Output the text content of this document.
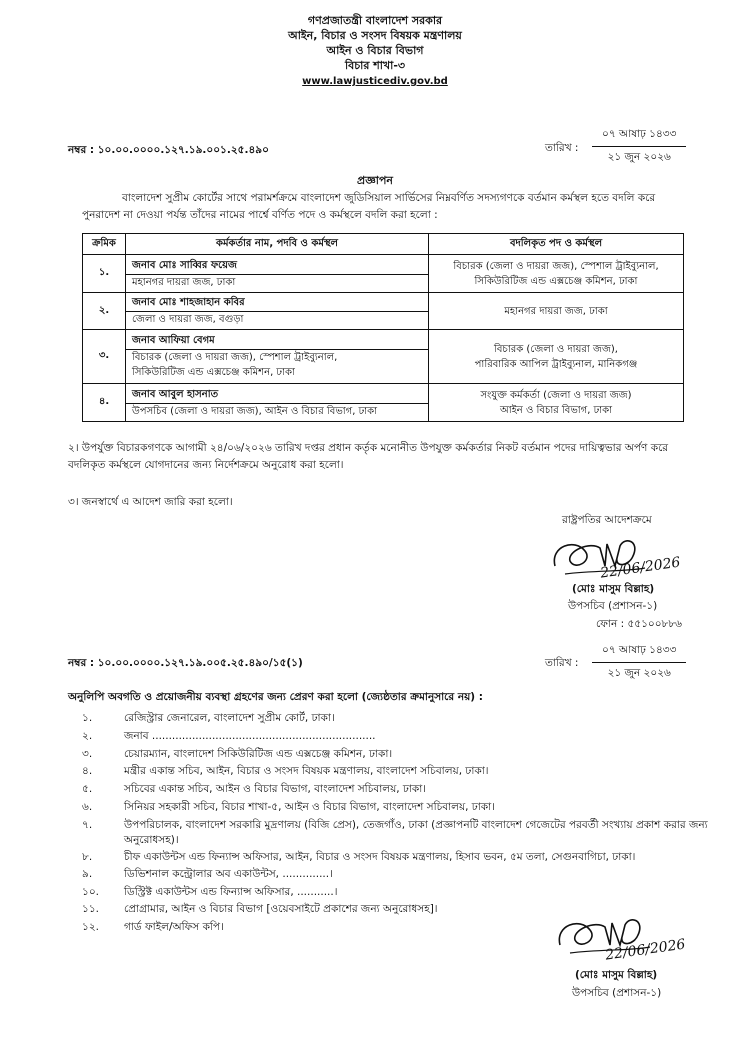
গণপ্রজাতন্ত্রী বাংলাদেশ সরকার
আইন, বিচার ও সংসদ বিষয়ক মন্ত্রণালয়
আইন ও বিচার বিভাগ
বিচার শাখা-৩
www.lawjusticediv.gov.bd
নম্বর : ১০.০০.০০০০.১২৭.১৯.০০১.২৫.৪৯০	তারিখ :
০৭ আষাঢ় ১৪৩৩
২১ জুন ২০২৬
প্রজ্ঞাপন
বাংলাদেশ সুপ্রীম কোর্টের সাথে পরামর্শক্রমে বাংলাদেশ জুডিসিয়াল সার্ভিসের নিম্নবর্ণিত সদস্যগণকে বর্তমান কর্মস্থল হতে বদলি করে পুনরাদেশ না দেওয়া পর্যন্ত তাঁদের নামের পার্শ্বে বর্ণিত পদে ও কর্মস্থলে বদলি করা হলো :
ক্রমিক	কর্মকর্তার নাম, পদবি ও কর্মস্থল	বদলিকৃত পদ ও কর্মস্থল
১.	জনাব মোঃ সাব্বির ফয়েজ
মহানগর দায়রা জজ, ঢাকা	বিচারক (জেলা ও দায়রা জজ), স্পেশাল ট্রাইব্যুনাল,
সিকিউরিটিজ এন্ড এক্সচেঞ্জ কমিশন, ঢাকা
২.	জনাব মোঃ শাহজাহান কবির
জেলা ও দায়রা জজ, বগুড়া	মহানগর দায়রা জজ, ঢাকা
৩.	জনাব আফিয়া বেগম
বিচারক (জেলা ও দায়রা জজ), স্পেশাল ট্রাইব্যুনাল,
সিকিউরিটিজ এন্ড এক্সচেঞ্জ কমিশন, ঢাকা	বিচারক (জেলা ও দায়রা জজ),
পারিবারিক আপিল ট্রাইব্যুনাল, মানিকগঞ্জ
৪.	জনাব আবুল হাসনাত
উপসচিব (জেলা ও দায়রা জজ), আইন ও বিচার বিভাগ, ঢাকা	সংযুক্ত কর্মকর্তা (জেলা ও দায়রা জজ)
আইন ও বিচার বিভাগ, ঢাকা
২। উপর্যুক্ত বিচারকগণকে আগামী ২৪/০৬/২০২৬ তারিখ দপ্তর প্রধান কর্তৃক মনোনীত উপযুক্ত কর্মকর্তার নিকট বর্তমান পদের দায়িত্বভার অর্পণ করে বদলিকৃত কর্মস্থলে যোগদানের জন্য নির্দেশক্রমে অনুরোধ করা হলো।
৩। জনস্বার্থে এ আদেশ জারি করা হলো।
রাষ্ট্রপতির আদেশক্রমে
22/06/2026
(মোঃ মাসুম বিল্লাহ)
উপসচিব (প্রশাসন-১)
ফোন : ৫৫১০০৮৮৬
নম্বর : ১০.০০.০০০০.১২৭.১৯.০০৫.২৫.৪৯০/১৫(১)	তারিখ :
০৭ আষাঢ় ১৪৩৩
২১ জুন ২০২৬
অনুলিপি অবগতি ও প্রয়োজনীয় ব্যবস্থা গ্রহণের জন্য প্রেরণ করা হলো (জ্যেষ্ঠতার ক্রমানুসারে নয়) :
১.	রেজিস্ট্রার জেনারেল, বাংলাদেশ সুপ্রীম কোর্ট, ঢাকা।
২.	জনাব ...................................................................
৩.	চেয়ারম্যান, বাংলাদেশ সিকিউরিটিজ এন্ড এক্সচেঞ্জ কমিশন, ঢাকা।
৪.	মন্ত্রীর একান্ত সচিব, আইন, বিচার ও সংসদ বিষয়ক মন্ত্রণালয়, বাংলাদেশ সচিবালয়, ঢাকা।
৫.	সচিবের একান্ত সচিব, আইন ও বিচার বিভাগ, বাংলাদেশ সচিবালয়, ঢাকা।
৬.	সিনিয়র সহকারী সচিব, বিচার শাখা-৫, আইন ও বিচার বিভাগ, বাংলাদেশ সচিবালয়, ঢাকা।
৭.	উপপরিচালক, বাংলাদেশ সরকারি মুদ্রণালয় (বিজি প্রেস), তেজগাঁও, ঢাকা (প্রজ্ঞাপনটি বাংলাদেশ গেজেটের পরবর্তী সংখ্যায় প্রকাশ করার জন্য অনুরোধসহ)।
৮.	চীফ একাউন্টস এন্ড ফিন্যান্স অফিসার, আইন, বিচার ও সংসদ বিষয়ক মন্ত্রণালয়, হিসাব ভবন, ৫ম তলা, সেগুনবাগিচা, ঢাকা।
৯.	ডিভিশনাল কন্ট্রোলার অব একাউন্টস, ..............।
১০. ডিস্ট্রিক্ট একাউন্টস এন্ড ফিন্যান্স অফিসার, ...........।
১১. প্রোগ্রামার, আইন ও বিচার বিভাগ [ওয়েবসাইটে প্রকাশের জন্য অনুরোধসহ]।
১২. গার্ড ফাইল/অফিস কপি।
22/06/2026
(মোঃ মাসুম বিল্লাহ)
উপসচিব (প্রশাসন-১)
